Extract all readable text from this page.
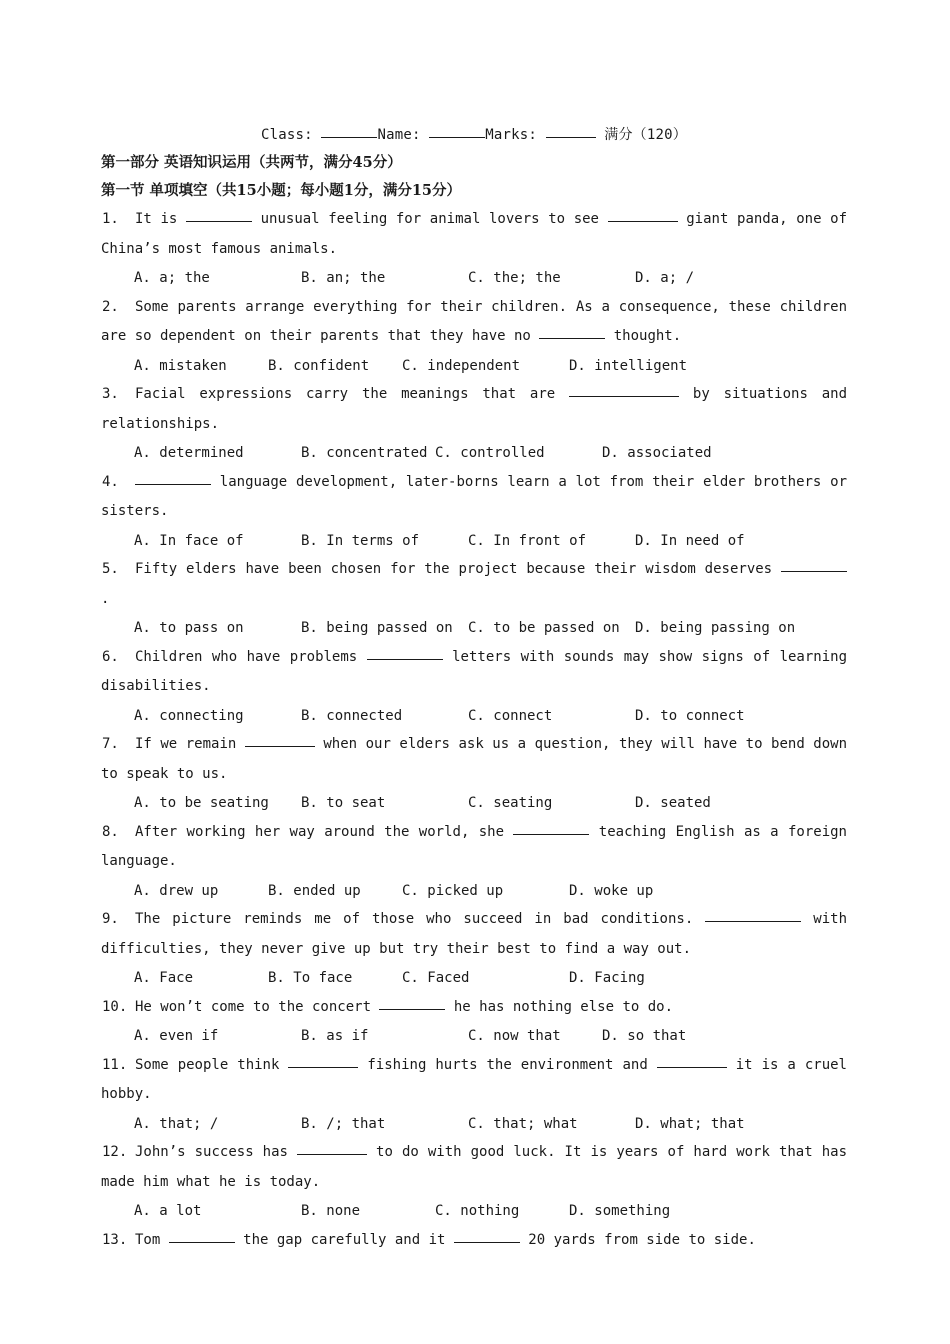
Class:	Name:	Marks:	满分（120）
第一部分 英语知识运用（共两节，满分45分）
第一节 单项填空（共15小题；每小题1分，满分15分）
1. It is	unusual feeling for animal lovers to see	giant panda, one of China’s most famous animals.
A. a; the	B. an; the	C. the; the	D. a; /
2. Some parents arrange everything for their children. As a consequence, these children are so dependent on their parents that they have no	thought.
A. mistaken	B. confident C. independent	D. intelligent
3. Facial expressions carry the meanings that are	by situations and relationships.
A. determined	B. concentrated C. controlled	D. associated
4.	language development, later-borns learn a lot from their elder brothers or sisters.
A. In face of	B. In terms of	C. In front of	D. In need of
5. Fifty elders have been chosen for the project because their wisdom deserves .
A. to pass on	B. being passed on C. to be passed on D. being passing on
6. Children who have problems	letters with sounds may show signs of learning disabilities.
A. connecting	B. connected	C. connect	D. to connect
7. If we remain	when our elders ask us a question, they will have to bend down to speak to us.
A. to be seating B. to seat	C. seating	D. seated
8. After working her way around the world, she	teaching English as a foreign language.
A. drew up	B. ended up	C. picked up	D. woke up
9. The picture reminds me of those who succeed in bad conditions.	with difficulties, they never give up but try their best to find a way out.
A. Face	B. To face	C. Faced	D. Facing
10. He won’t come to the concert	he has nothing else to do.
A. even if	B. as if	C. now that	D. so that
11. Some people think	fishing hurts the environment and	it is a cruel hobby.
A. that; /	B. /; that	C. that; what	D. what; that
12. John’s success has	to do with good luck. It is years of hard work that has made him what he is today.
A. a lot	B. none	C. nothing	D. something
13. Tom	the gap carefully and it	20 yards from side to side.
